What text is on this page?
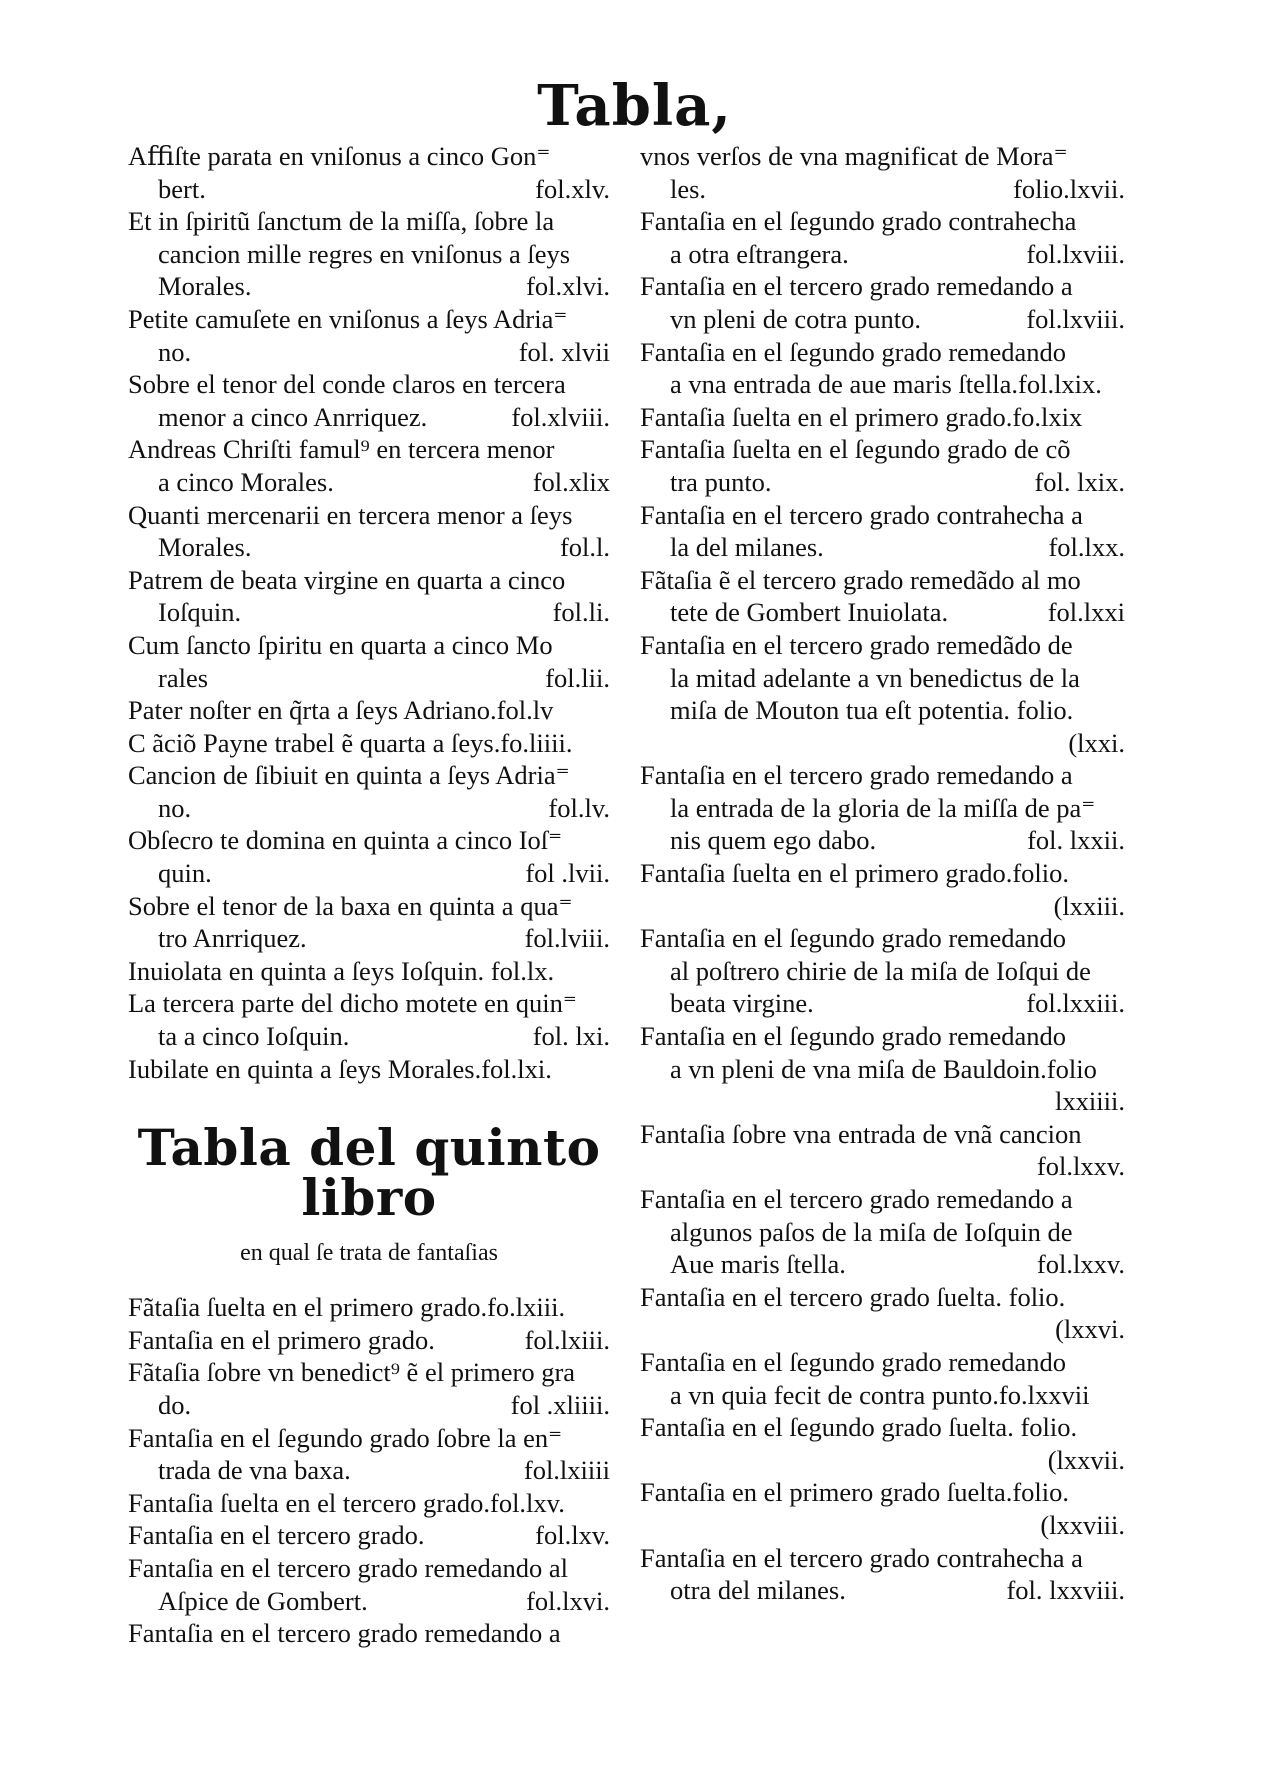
Tabla,

Aﬃſte parata en vniſonus a cinco Gon⁼
bert.	fol.xlv.

Et in ſpiritũ ſanctum de la miſſa, ſobre la
cancion mille regres en vniſonus a ſeys
Morales.	fol.xlvi.

Petite camuſete en vniſonus a ſeys Adria⁼
no.	fol. xlvii

Sobre el tenor del conde claros en tercera
menor a cinco Anrriquez.	fol.xlviii.

Andreas Chriſti famul⁹ en tercera menor
a cinco Morales.	fol.xlix

Quanti mercenarii en tercera menor a ſeys
Morales.	fol.l.

Patrem de beata virgine en quarta a cinco
Ioſquin.	fol.li.

Cum ſancto ſpiritu en quarta a cinco Mo
rales	fol.lii.

Pater noſter en q̃rta a ſeys Adriano.fol.lv

C ãciõ Payne trabel ẽ quarta a ſeys.fo.liiii.

Cancion de ſibiuit en quinta a ſeys Adria⁼
no.	fol.lv.

Obſecro te domina en quinta a cinco Ioſ⁼
quin.	fol .lvii.

Sobre el tenor de la baxa en quinta a qua⁼
tro Anrriquez.	fol.lviii.

Inuiolata en quinta a ſeys Ioſquin. fol.lx.

La tercera parte del dicho motete en quin⁼
ta a cinco Ioſquin.	fol. lxi.

Iubilate en quinta a ſeys Morales.fol.lxi.

Tabla del quinto libro
en qual ſe trata de fantaſias

Fãtaſia ſuelta en el primero grado.fo.lxiii.

Fantaſia en el primero grado.	fol.lxiii.

Fãtaſia ſobre vn benedict⁹ ẽ el primero gra
do.	fol .xliiii.

Fantaſia en el ſegundo grado ſobre la en⁼
trada de vna baxa.	fol.lxiiii

Fantaſia ſuelta en el tercero grado.fol.lxv.

Fantaſia en el tercero grado.	fol.lxv.

Fantaſia en el tercero grado remedando al
Aſpice de Gombert.	fol.lxvi.

Fantaſia en el tercero grado remedando a

vnos verſos de vna magnificat de Mora⁼
les.	folio.lxvii.

Fantaſia en el ſegundo grado contrahecha
a otra eſtrangera.	fol.lxviii.

Fantaſia en el tercero grado remedando a
vn pleni de cotra punto.	fol.lxviii.

Fantaſia en el ſegundo grado remedando
a vna entrada de aue maris ſtella.fol.lxix.

Fantaſia ſuelta en el primero grado.fo.lxix

Fantaſia ſuelta en el ſegundo grado de cõ
tra punto.	fol. lxix.

Fantaſia en el tercero grado contrahecha a
la del milanes.	fol.lxx.

Fãtaſia ẽ el tercero grado remedãdo al mo
tete de Gombert Inuiolata.	fol.lxxi

Fantaſia en el tercero grado remedãdo de
la mitad adelante a vn benedictus de la
miſa de Mouton tua eſt potentia. folio.
(lxxi.

Fantaſia en el tercero grado remedando a
la entrada de la gloria de la miſſa de pa⁼
nis quem ego dabo.	fol. lxxii.

Fantaſia ſuelta en el primero grado.folio.
(lxxiii.

Fantaſia en el ſegundo grado remedando
al poſtrero chirie de la miſa de Ioſqui de
beata virgine.	fol.lxxiii.

Fantaſia en el ſegundo grado remedando
a vn pleni de vna miſa de Bauldoin.folio
lxxiiii.

Fantaſia ſobre vna entrada de vnã cancion
fol.lxxv.

Fantaſia en el tercero grado remedando a
algunos paſos de la miſa de Ioſquin de
Aue maris ſtella.	fol.lxxv.

Fantaſia en el tercero grado ſuelta. folio.
(lxxvi.

Fantaſia en el ſegundo grado remedando
a vn quia fecit de contra punto.fo.lxxvii

Fantaſia en el ſegundo grado ſuelta. folio.
(lxxvii.

Fantaſia en el primero grado ſuelta.folio.
(lxxviii.

Fantaſia en el tercero grado contrahecha a
otra del milanes.	fol. lxxviii.
